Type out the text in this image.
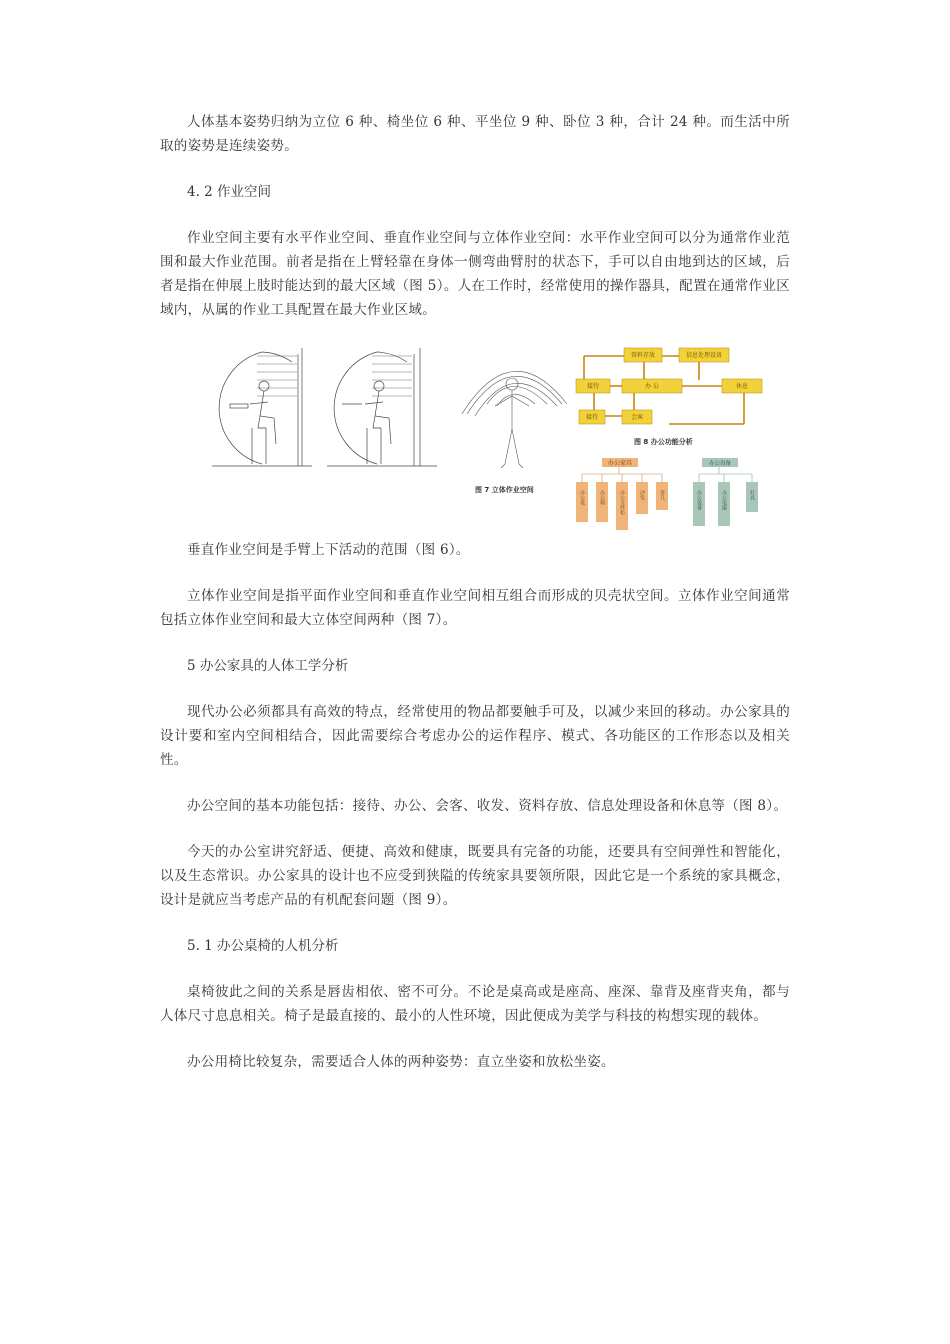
人体基本姿势归纳为立位 6 种、椅坐位 6 种、平坐位 9 种、卧位 3 种，合计 24 种。而生活中所取的姿势是连续姿势。

4. 2 作业空间

作业空间主要有水平作业空间、垂直作业空间与立体作业空间：水平作业空间可以分为通常作业范围和最大作业范围。前者是指在上臂轻靠在身体一侧弯曲臂肘的状态下，手可以自由地到达的区域，后者是指在伸展上肢时能达到的最大区域（图 5）。人在工作时，经常使用的操作器具，配置在通常作业区域内，从属的作业工具配置在最大作业区域。

图 7 立体作业空间
资料存放	信息处理设备
接待	办 公	休息
接待	会客
图 8 办公功能分析
办公家具	办公设备
办公桌	办公椅	办公文件柜	沙发	茶几	办公设备	办公电器	灯具

垂直作业空间是手臂上下活动的范围（图 6）。

立体作业空间是指平面作业空间和垂直作业空间相互组合而形成的贝壳状空间。立体作业空间通常包括立体作业空间和最大立体空间两种（图 7）。

5 办公家具的人体工学分析

现代办公必须都具有高效的特点，经常使用的物品都要触手可及，以减少来回的移动。办公家具的设计要和室内空间相结合，因此需要综合考虑办公的运作程序、模式、各功能区的工作形态以及相关性。

办公空间的基本功能包括：接待、办公、会客、收发、资料存放、信息处理设备和休息等（图 8）。

今天的办公室讲究舒适、便捷、高效和健康，既要具有完备的功能，还要具有空间弹性和智能化，以及生态常识。办公家具的设计也不应受到狭隘的传统家具要领所限，因此它是一个系统的家具概念，设计是就应当考虑产品的有机配套问题（图 9）。

5. 1 办公桌椅的人机分析

桌椅彼此之间的关系是唇齿相依、密不可分。不论是桌高或是座高、座深、靠背及座背夹角，都与人体尺寸息息相关。椅子是最直接的、最小的人性环境，因此便成为美学与科技的构想实现的载体。

办公用椅比较复杂，需要适合人体的两种姿势：直立坐姿和放松坐姿。
